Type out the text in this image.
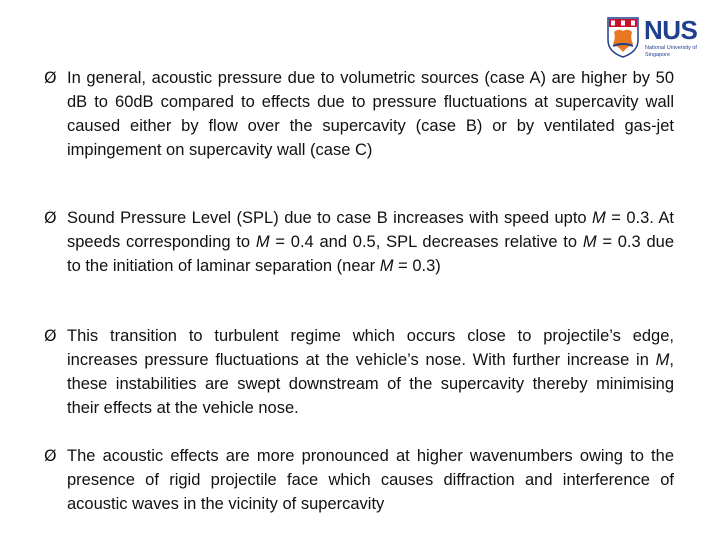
NUS
National University of Singapore
Ø In general, acoustic pressure due to volumetric sources (case A) are higher by 50 dB to 60dB compared to effects due to pressure fluctuations at supercavity wall caused either by flow over the supercavity (case B) or by ventilated gas-jet impingement on supercavity wall (case C)
Ø Sound Pressure Level (SPL) due to case B increases with speed upto M = 0.3. At speeds corresponding to M = 0.4 and 0.5, SPL decreases relative to M = 0.3 due to the initiation of laminar separation (near M = 0.3)
Ø This transition to turbulent regime which occurs close to projectile’s edge, increases pressure fluctuations at the vehicle’s nose. With further increase in M, these instabilities are swept downstream of the supercavity thereby minimising their effects at the vehicle nose.
Ø The acoustic effects are more pronounced at higher wavenumbers owing to the presence of rigid projectile face which causes diffraction and interference of acoustic waves in the vicinity of supercavity
